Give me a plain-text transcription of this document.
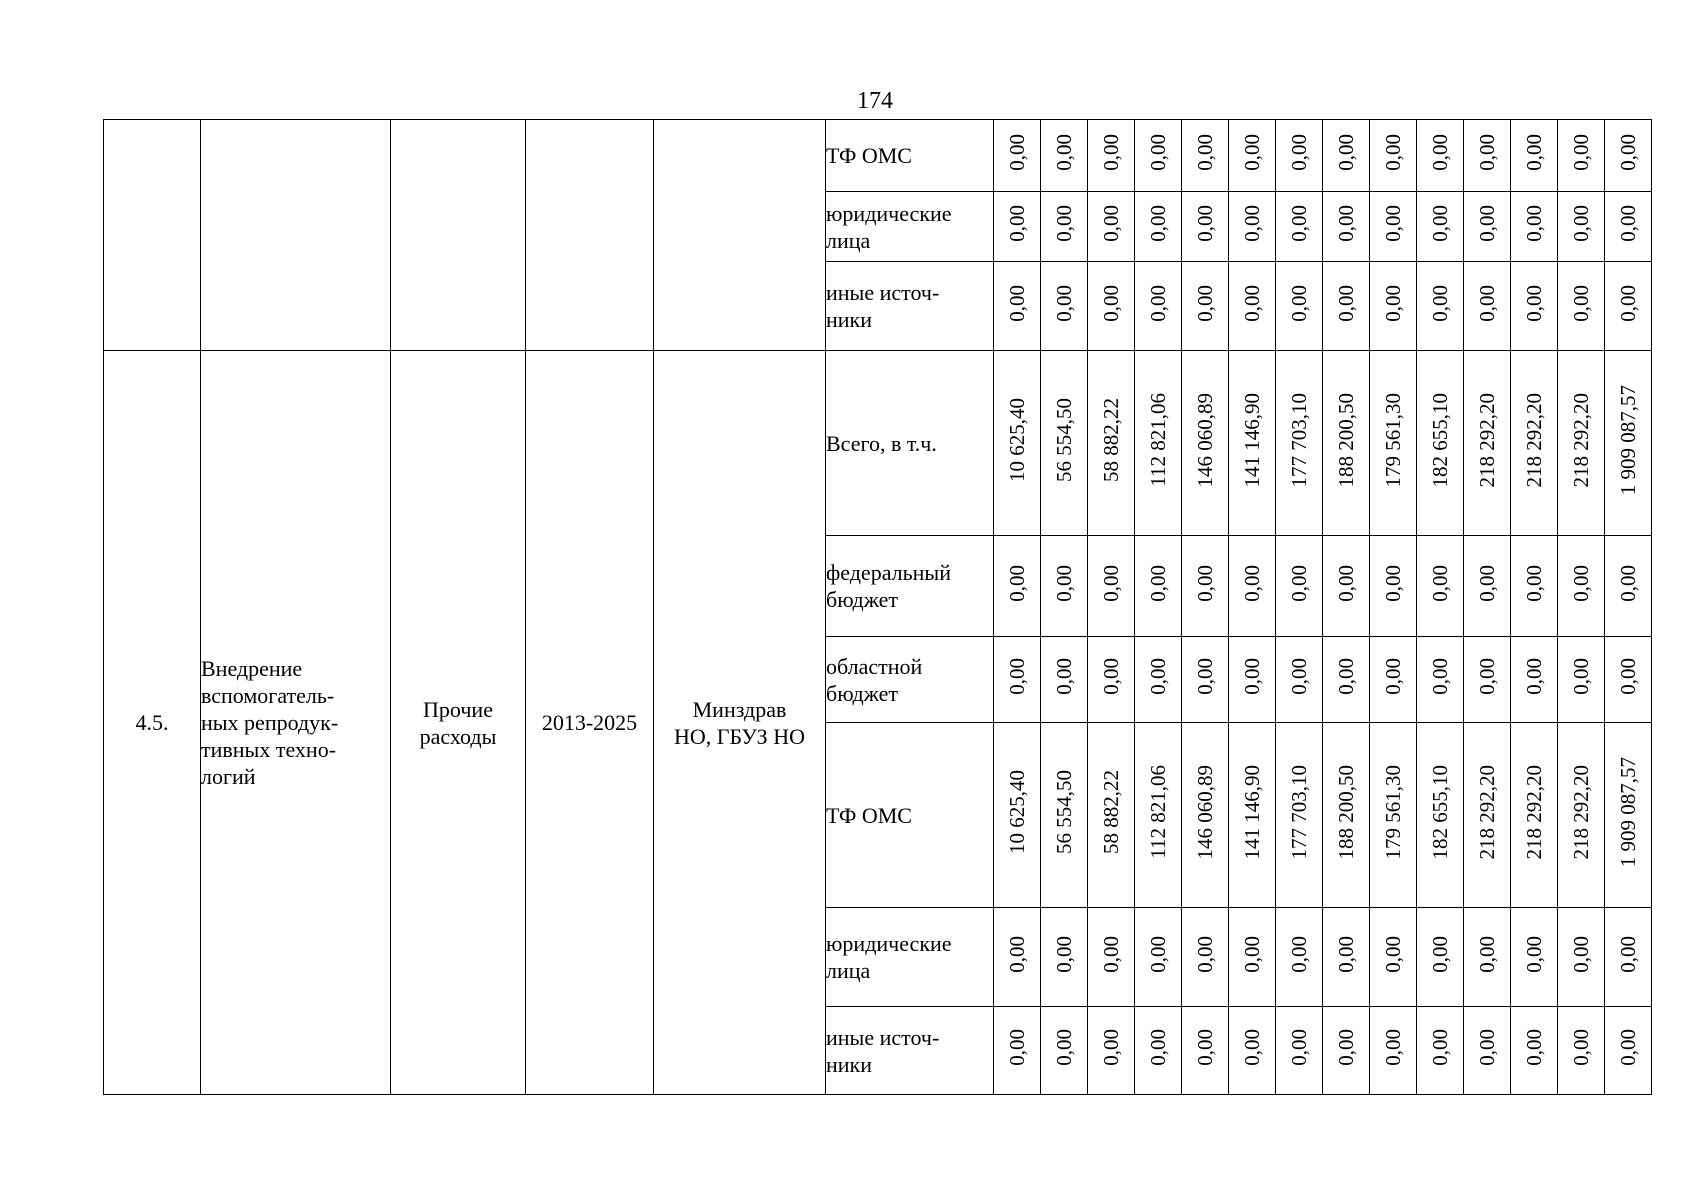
174

					ТФ ОМС	0,00	0,00	0,00	0,00	0,00	0,00	0,00	0,00	0,00	0,00	0,00	0,00	0,00	0,00

					юридические
лица	0,00	0,00	0,00	0,00	0,00	0,00	0,00	0,00	0,00	0,00	0,00	0,00	0,00	0,00

					иные источ-
ники	0,00	0,00	0,00	0,00	0,00	0,00	0,00	0,00	0,00	0,00	0,00	0,00	0,00	0,00

4.5.	Внедрение
вспомогатель-
ных репродук-
тивных техно-
логий	Прочие
расходы	2013-2025	Минздрав
НО, ГБУЗ НО	Всего, в т.ч.	10 625,40	56 554,50	58 882,22	112 821,06	146 060,89	141 146,90	177 703,10	188 200,50	179 561,30	182 655,10	218 292,20	218 292,20	218 292,20	1 909 087,57

					федеральный
бюджет	0,00	0,00	0,00	0,00	0,00	0,00	0,00	0,00	0,00	0,00	0,00	0,00	0,00	0,00

					областной
бюджет	0,00	0,00	0,00	0,00	0,00	0,00	0,00	0,00	0,00	0,00	0,00	0,00	0,00	0,00

					ТФ ОМС	10 625,40	56 554,50	58 882,22	112 821,06	146 060,89	141 146,90	177 703,10	188 200,50	179 561,30	182 655,10	218 292,20	218 292,20	218 292,20	1 909 087,57

					юридические
лица	0,00	0,00	0,00	0,00	0,00	0,00	0,00	0,00	0,00	0,00	0,00	0,00	0,00	0,00

					иные источ-
ники	0,00	0,00	0,00	0,00	0,00	0,00	0,00	0,00	0,00	0,00	0,00	0,00	0,00	0,00
